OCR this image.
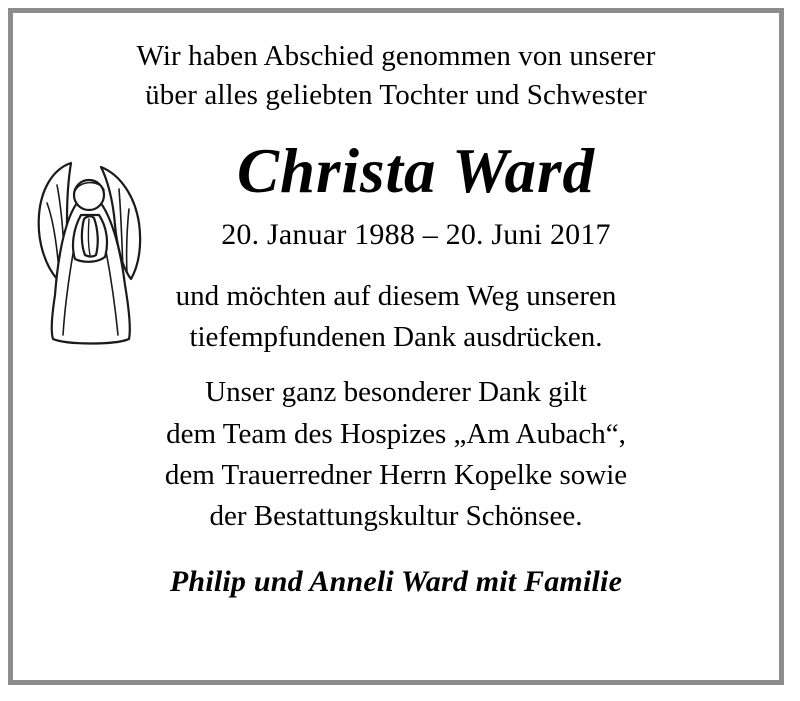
Wir haben Abschied genommen von unserer
über alles geliebten Tochter und Schwester
Christa Ward
20. Januar 1988 – 20. Juni 2017
und möchten auf diesem Weg unseren
tiefempfundenen Dank ausdrücken.
Unser ganz besonderer Dank gilt
dem Team des Hospizes „Am Aubach“,
dem Trauerredner Herrn Kopelke sowie
der Bestattungskultur Schönsee.
Philip und Anneli Ward mit Familie
